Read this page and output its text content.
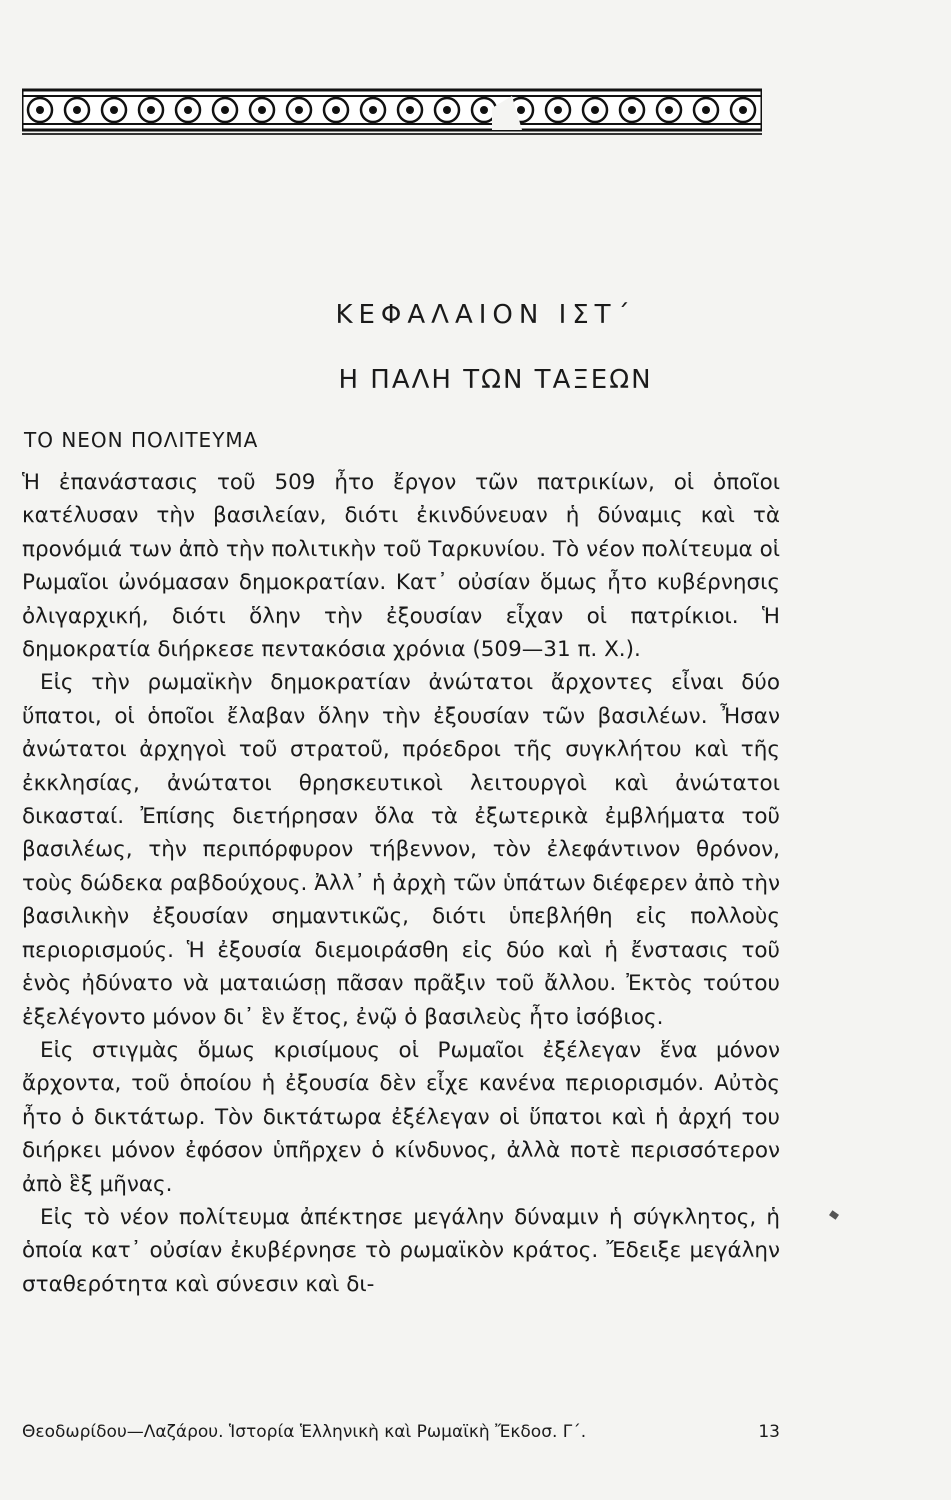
ΚΕΦΑΛΑΙΟΝ ΙΣΤ΄
Η ΠΑΛΗ ΤΩΝ ΤΑΞΕΩΝ
ΤΟ ΝΕΟΝ ΠΟΛΙΤΕΥΜΑ

Ἡ ἐπανάστασις τοῦ 509 ἦτο ἔργον τῶν πατρικίων, οἱ ὁποῖοι κατέλυσαν τὴν βασιλείαν, διότι ἐκινδύνευαν ἡ δύναμις καὶ τὰ προνόμιά των ἀπὸ τὴν πολιτικὴν τοῦ Ταρκυνίου. Τὸ νέον πολίτευμα οἱ Ρωμαῖοι ὠνόμασαν δημοκρατίαν. Κατ᾽ οὐσίαν ὅμως ἦτο κυβέρνησις ὀλιγαρχική, διότι ὅλην τὴν ἐξουσίαν εἶχαν οἱ πατρίκιοι. Ἡ δημοκρατία διήρκεσε πεντακόσια χρόνια (509—31 π. Χ.).

Εἰς τὴν ρωμαϊκὴν δημοκρατίαν ἀνώτατοι ἄρχοντες εἶναι δύο ὕπατοι, οἱ ὁποῖοι ἔλαβαν ὅλην τὴν ἐξουσίαν τῶν βασιλέων. Ἦσαν ἀνώτατοι ἀρχηγοὶ τοῦ στρατοῦ, πρόεδροι τῆς συγκλήτου καὶ τῆς ἐκκλησίας, ἀνώτατοι θρησκευτικοὶ λειτουργοὶ καὶ ἀνώτατοι δικασταί. Ἐπίσης διετήρησαν ὅλα τὰ ἐξωτερικὰ ἐμβλήματα τοῦ βασιλέως, τὴν περιπόρφυρον τήβεννον, τὸν ἐλεφάντινον θρόνον, τοὺς δώδεκα ραβδούχους. Ἀλλ᾽ ἡ ἀρχὴ τῶν ὑπάτων διέφερεν ἀπὸ τὴν βασιλικὴν ἐξουσίαν σημαντικῶς, διότι ὑπεβλήθη εἰς πολλοὺς περιορισμούς. Ἡ ἐξουσία διεμοιράσθη εἰς δύο καὶ ἡ ἔνστασις τοῦ ἑνὸς ἠδύνατο νὰ ματαιώσῃ πᾶσαν πρᾶξιν τοῦ ἄλλου. Ἐκτὸς τούτου ἐξελέγοντο μόνον δι᾽ ἓν ἔτος, ἐνῷ ὁ βασιλεὺς ἦτο ἰσόβιος.

Εἰς στιγμὰς ὅμως κρισίμους οἱ Ρωμαῖοι ἐξέλεγαν ἕνα μόνον ἄρχοντα, τοῦ ὁποίου ἡ ἐξουσία δὲν εἶχε κανένα περιορισμόν. Αὐτὸς ἦτο ὁ δικτάτωρ. Τὸν δικτάτωρα ἐξέλεγαν οἱ ὕπατοι καὶ ἡ ἀρχή του διήρκει μόνον ἐφόσον ὑπῆρχεν ὁ κίνδυνος, ἀλλὰ ποτὲ περισσότερον ἀπὸ ἓξ μῆνας.

Εἰς τὸ νέον πολίτευμα ἀπέκτησε μεγάλην δύναμιν ἡ σύγκλητος, ἡ ὁποία κατ᾽ οὐσίαν ἐκυβέρνησε τὸ ρωμαϊκὸν κράτος. Ἔδειξε μεγάλην σταθερότητα καὶ σύνεσιν καὶ δι-

Θεοδωρίδου—Λαζάρου. Ἱστορία Ἑλληνικὴ καὶ Ρωμαϊκὴ Ἔκδοσ. Γ΄.	13
